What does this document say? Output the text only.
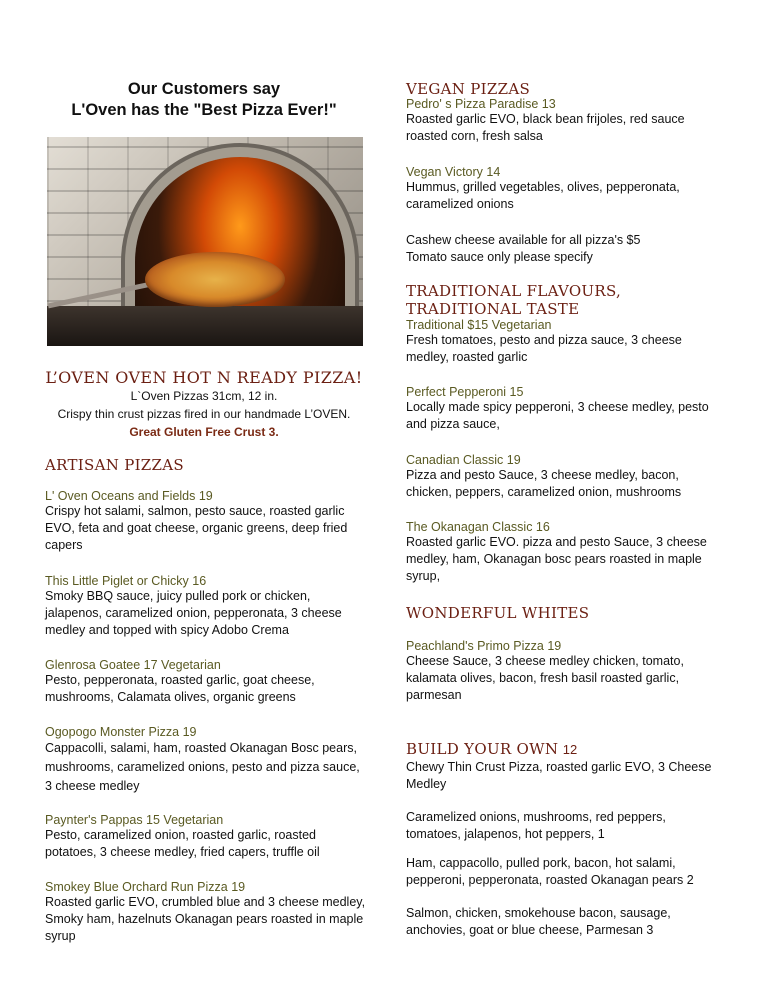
Our Customers say
L'Oven has the "Best Pizza Ever!"
L’OVEN OVEN HOT N READY PIZZA!
L`Oven Pizzas 31cm, 12 in.
Crispy thin crust pizzas fired in our handmade L’OVEN.
Great Gluten Free Crust 3.
ARTISAN PIZZAS
L' Oven Oceans and Fields 19
Crispy hot salami, salmon, pesto sauce, roasted garlic EVO, feta and goat cheese, organic greens, deep fried capers
This Little Piglet or Chicky 16
Smoky BBQ sauce, juicy pulled pork or chicken, jalapenos, caramelized onion, pepperonata, 3 cheese medley and topped with spicy Adobo Crema
Glenrosa Goatee 17 Vegetarian
Pesto, pepperonata, roasted garlic, goat cheese, mushrooms, Calamata olives, organic greens
Ogopogo Monster Pizza 19
Cappacolli, salami, ham, roasted Okanagan Bosc pears, mushrooms, caramelized onions, pesto and pizza sauce, 3 cheese medley
Paynter's Pappas 15 Vegetarian
Pesto, caramelized onion, roasted garlic, roasted potatoes, 3 cheese medley, fried capers, truffle oil
Smokey Blue Orchard Run Pizza 19
Roasted garlic EVO, crumbled blue and 3 cheese medley, Smoky ham, hazelnuts Okanagan pears roasted in maple syrup
VEGAN PIZZAS
Pedro' s Pizza Paradise 13
Roasted garlic EVO, black bean frijoles, red sauce roasted corn, fresh salsa
Vegan Victory 14
Hummus, grilled vegetables, olives, pepperonata, caramelized onions
Cashew cheese available for all pizza's $5
Tomato sauce only please specify
TRADITIONAL FLAVOURS, TRADITIONAL TASTE
Traditional $15 Vegetarian
Fresh tomatoes, pesto and pizza sauce, 3 cheese medley, roasted garlic
Perfect Pepperoni 15
Locally made spicy pepperoni, 3 cheese medley, pesto and pizza sauce,
Canadian Classic 19
Pizza and pesto Sauce, 3 cheese medley, bacon, chicken, peppers, caramelized onion, mushrooms
The Okanagan Classic 16
Roasted garlic EVO. pizza and pesto Sauce, 3 cheese medley, ham, Okanagan bosc pears roasted in maple syrup,
WONDERFUL WHITES
Peachland's Primo Pizza 19
Cheese Sauce, 3 cheese medley chicken, tomato, kalamata olives, bacon, fresh basil roasted garlic, parmesan
BUILD YOUR OWN 12
Chewy Thin Crust Pizza, roasted garlic EVO, 3 Cheese Medley
Caramelized onions, mushrooms, red peppers, tomatoes, jalapenos, hot peppers, 1
Ham, cappacollo, pulled pork, bacon, hot salami, pepperoni, pepperonata, roasted Okanagan pears 2
Salmon, chicken, smokehouse bacon, sausage, anchovies, goat or blue cheese, Parmesan 3
